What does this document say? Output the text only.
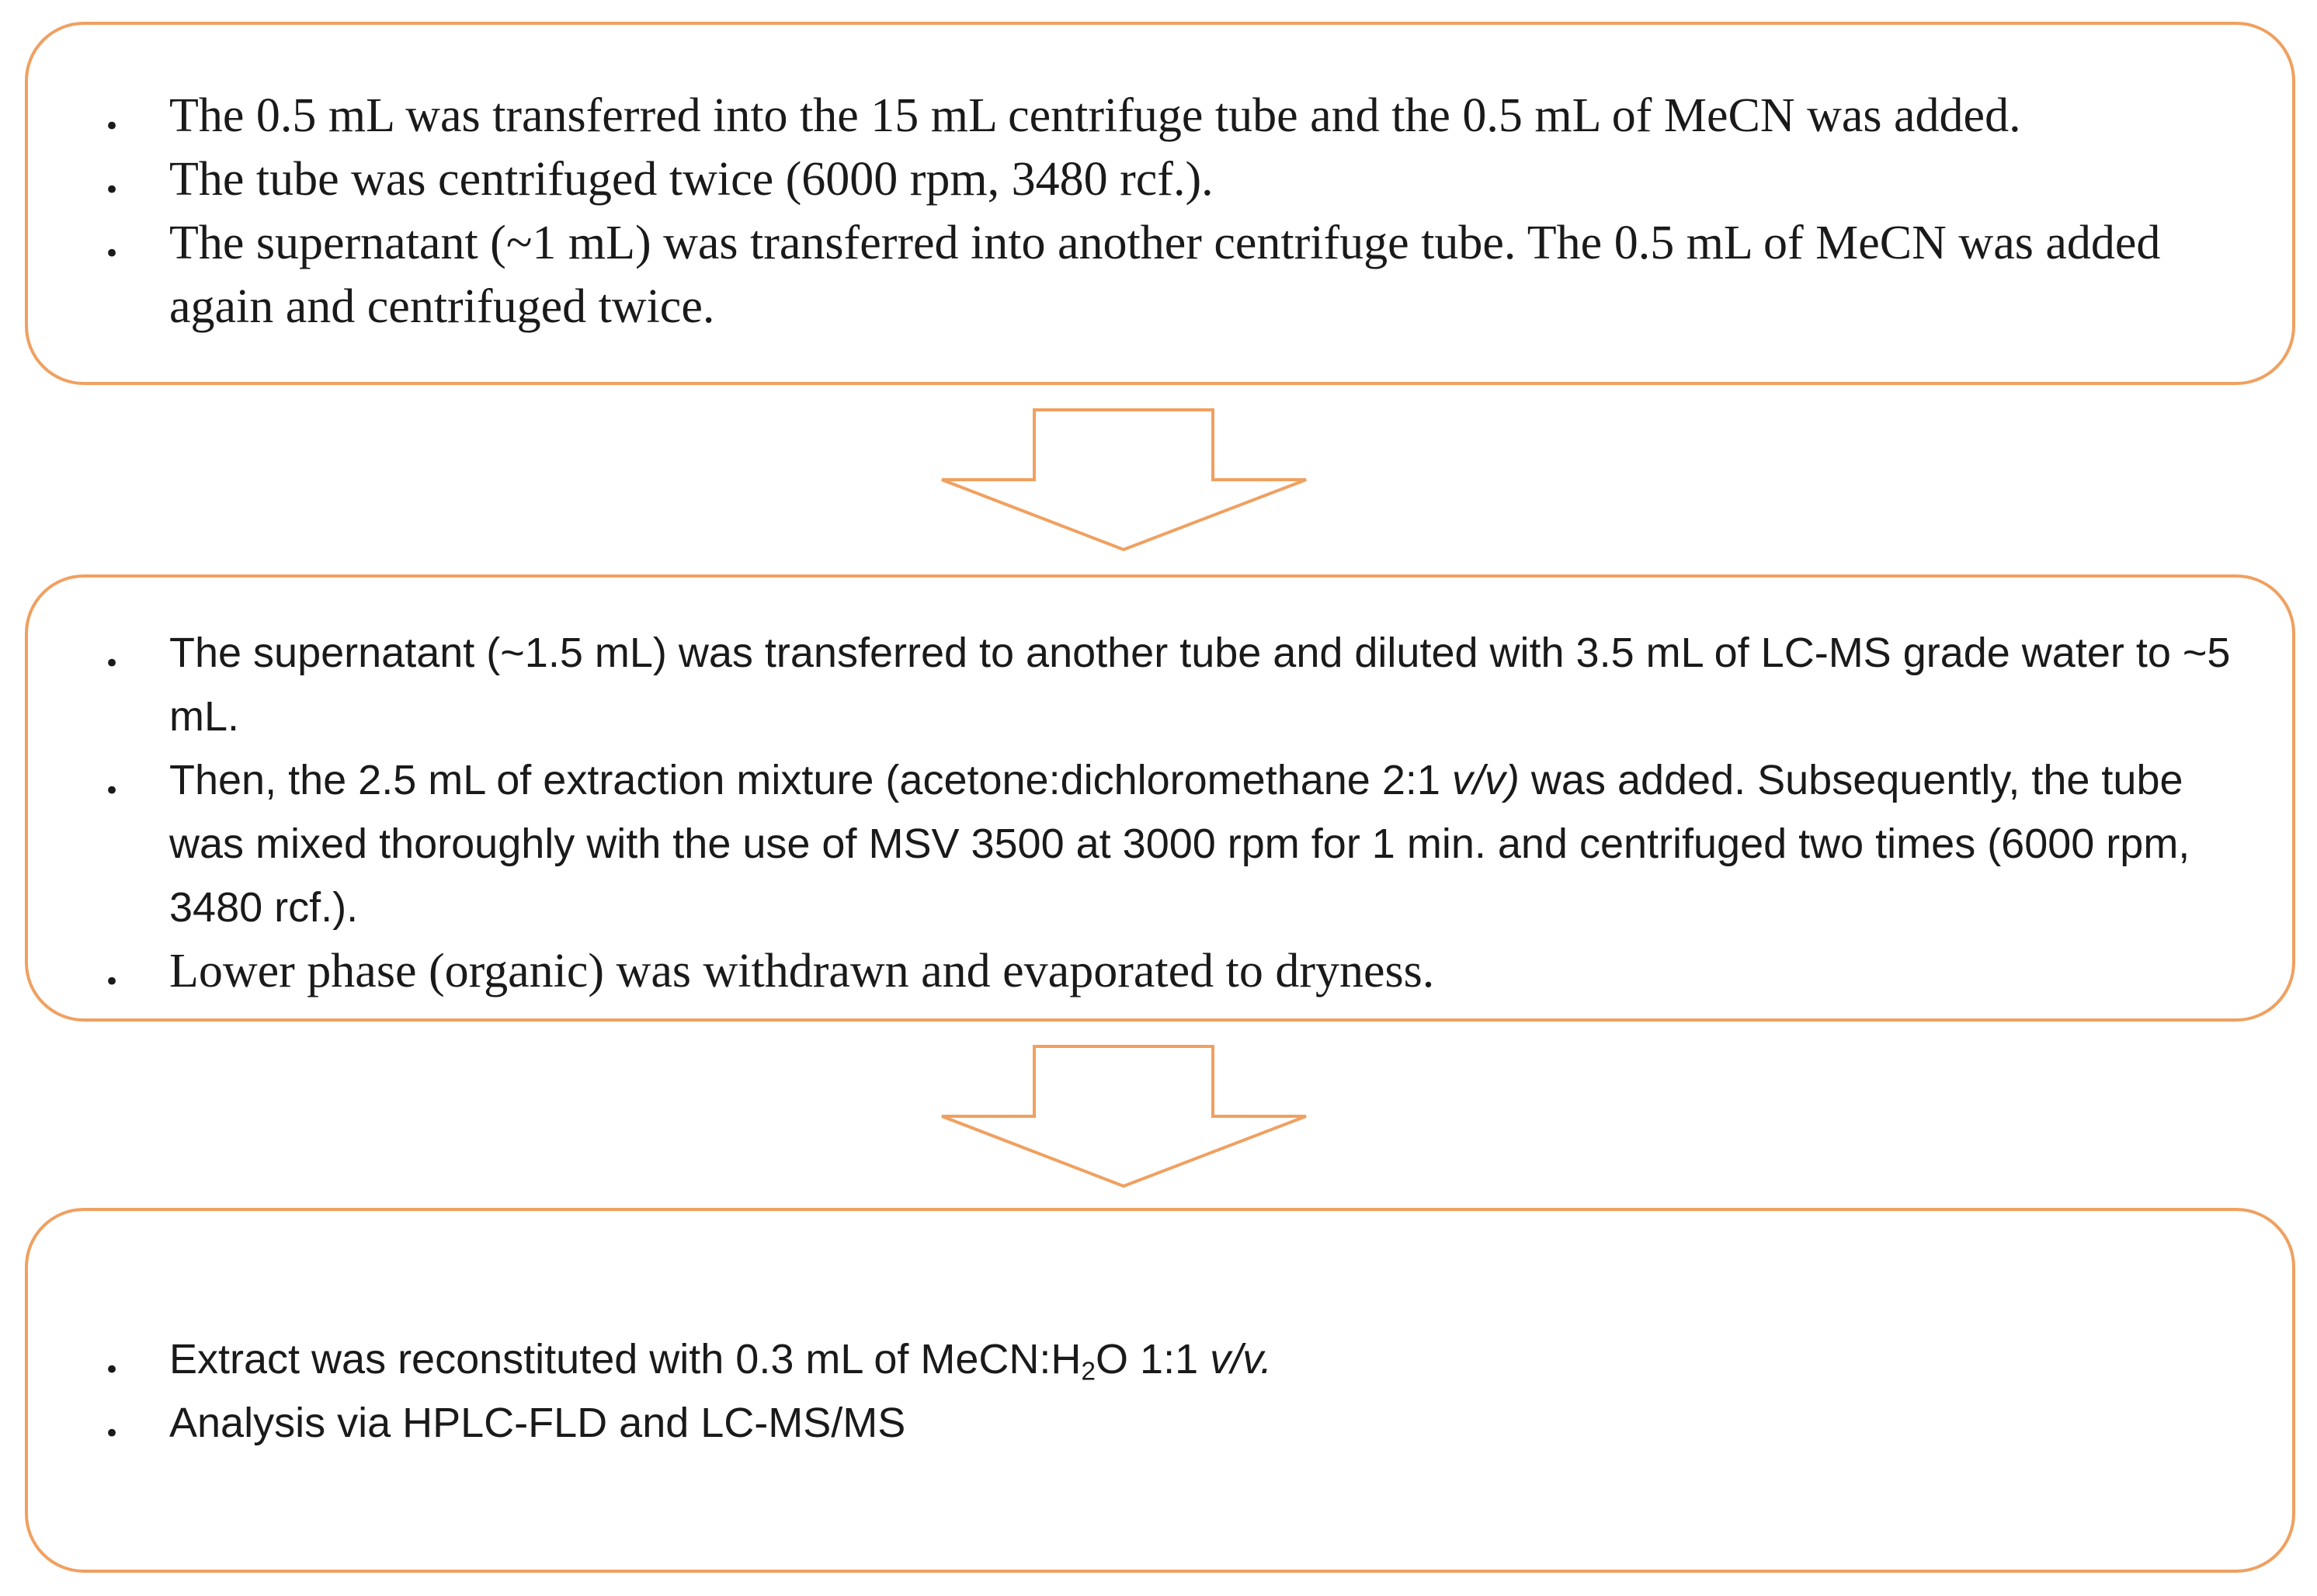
• The 0.5 mL was transferred into the 15 mL centrifuge tube and the 0.5 mL of MeCN was added.
• The tube was centrifuged twice (6000 rpm, 3480 rcf.).
• The supernatant (~1 mL) was transferred into another centrifuge tube. The 0.5 mL of MeCN was added again and centrifuged twice.
• The supernatant (~1.5 mL) was transferred to another tube and diluted with 3.5 mL of LC-MS grade water to ~5 mL.
• Then, the 2.5 mL of extraction mixture (acetone:dichloromethane 2:1 v/v) was added. Subsequently, the tube was mixed thoroughly with the use of MSV 3500 at 3000 rpm for 1 min. and centrifuged two times (6000 rpm, 3480 rcf.).
• Lower phase (organic) was withdrawn and evaporated to dryness.
• Extract was reconstituted with 0.3 mL of $MeCN:H_2O$ 1:1 v/v.
• Analysis via HPLC-FLD and LC-MS/MS
